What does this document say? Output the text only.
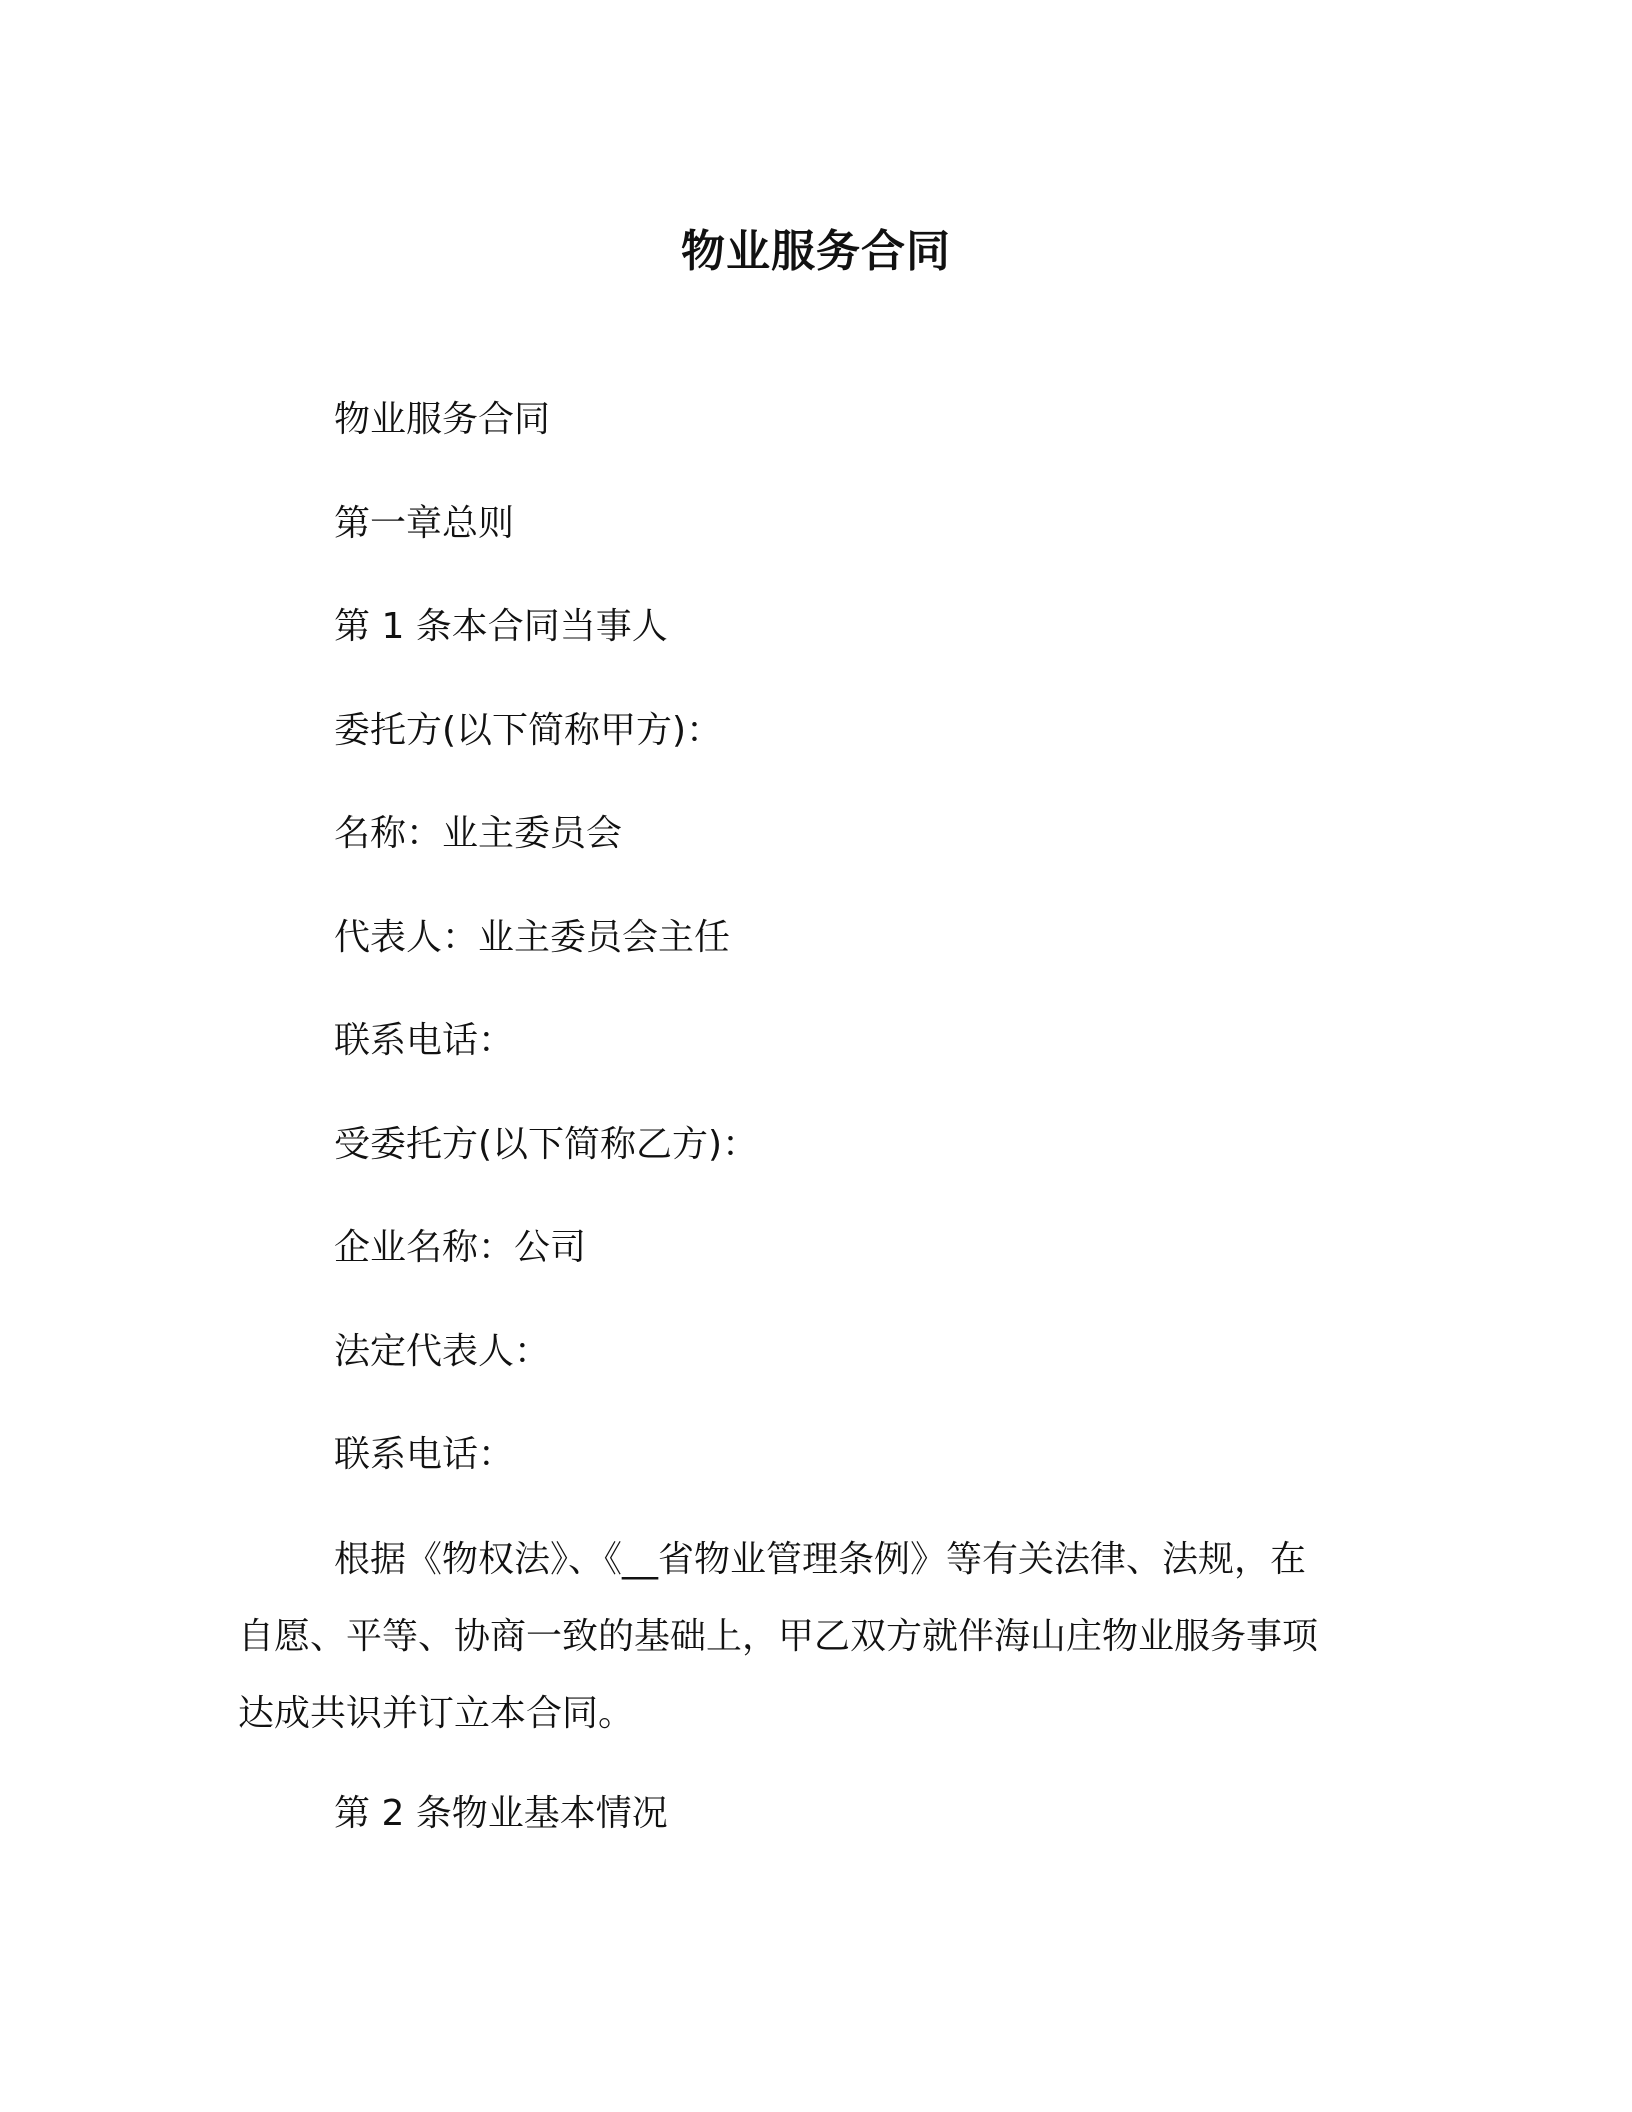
物业服务合同
物业服务合同
第一章总则
第 1 条本合同当事人
委托方(以下简称甲方)：
名称：业主委员会
代表人：业主委员会主任
联系电话：
受委托方(以下简称乙方)：
企业名称：公司
法定代表人：
联系电话：
根据《物权法》、《__省物业管理条例》等有关法律、法规，在
自愿、平等、协商一致的基础上，甲乙双方就伴海山庄物业服务事项
达成共识并订立本合同。
第 2 条物业基本情况
